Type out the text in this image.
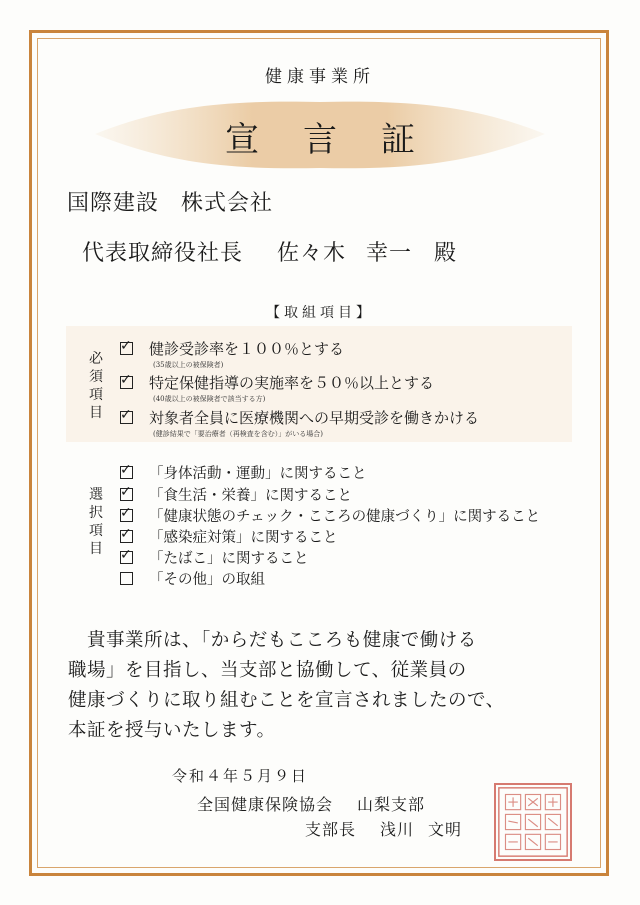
健康事業所
宣 言 証
国際建設 株式会社
代表取締役社長 佐々木 幸一 殿
【取組項目】
必
須
項
目
✓健診受診率を１００％とする
(35歳以上の被保険者)
✓特定保健指導の実施率を５０％以上とする
(40歳以上の被保険者で該当する方)
✓対象者全員に医療機関への早期受診を働きかける
(健診結果で「要治療者（再検査を含む）」がいる場合)
選
択
項
目
✓「身体活動・運動」に関すること
✓「食生活・栄養」に関すること
✓「健康状態のチェック・こころの健康づくり」に関すること
✓「感染症対策」に関すること
✓「たばこ」に関すること
「その他」の取組
　貴事業所は、「からだもこころも健康で働ける
職場」を目指し、当支部と協働して、従業員の
健康づくりに取り組むことを宣言されましたので、
本証を授与いたします。
令和４年５月９日
全国健康保険協会 山梨支部
支部長 浅川 文明
